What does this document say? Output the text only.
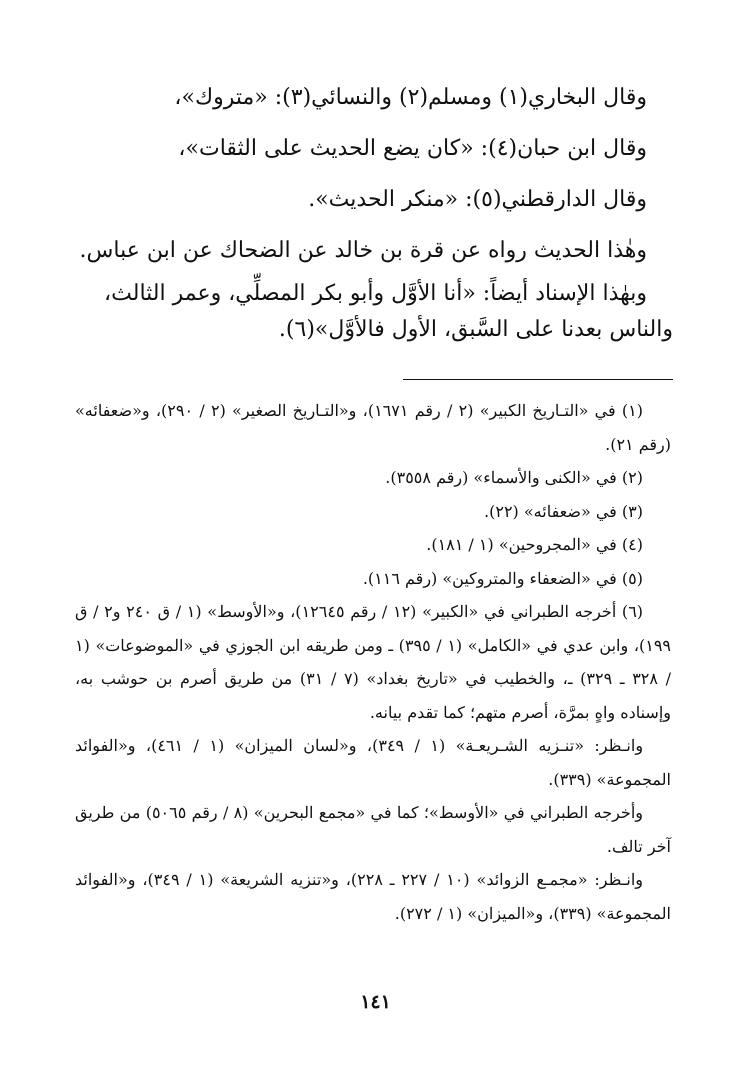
وقال البخاري(١) ومسلم(٢) والنسائي(٣): «متروك»،
وقال ابن حبان(٤): «كان يضع الحديث على الثقات»،
وقال الدارقطني(٥): «منكر الحديث».
وهٰذا الحديث رواه عن قرة بن خالد عن الضحاك عن ابن عباس.
وبهٰذا الإسناد أيضاً: «أنا الأوَّل وأبو بكر المصلِّي، وعمر الثالث،
والناس بعدنا على السَّبق، الأول فالأوَّل»(٦).
(١) في «التـاريخ الكبير» (٢ / رقم ١٦٧١)، و«التـاريخ الصغير» (٢ / ٢٩٠)، و«ضعفائه» (رقم ٢١).
(٢) في «الكنى والأسماء» (رقم ٣٥٥٨).
(٣) في «ضعفائه» (٢٢).
(٤) في «المجروحين» (١ / ١٨١).
(٥) في «الضعفاء والمتروكين» (رقم ١١٦).
(٦) أخرجه الطبراني في «الكبير» (١٢ / رقم ١٢٦٤٥)، و«الأوسط» (١ / ق ٢٤٠ و٢ / ق ١٩٩)، وابن عدي في «الكامل» (١ / ٣٩٥) ـ ومن طريقه ابن الجوزي في «الموضوعات» (١ / ٣٢٨ ـ ٣٢٩) ـ، والخطيب في «تاريخ بغداد» (٧ / ٣١) من طريق أصرم بن حوشب به، وإسناده واهٍ بمرَّة، أصرم متهم؛ كما تقدم بيانه.
وانـظر: «تنـزيه الشـريعـة» (١ / ٣٤٩)، و«لسان الميزان» (١ / ٤٦١)، و«الفوائد المجموعة» (٣٣٩).
وأخرجه الطبراني في «الأوسط»؛ كما في «مجمع البحرين» (٨ / رقم ٥٠٦٥) من طريق آخر تالف.
وانـظر: «مجمـع الزوائد» (١٠ / ٢٢٧ ـ ٢٢٨)، و«تنزيه الشريعة» (١ / ٣٤٩)، و«الفوائد المجموعة» (٣٣٩)، و«الميزان» (١ / ٢٧٢).
١٤١
